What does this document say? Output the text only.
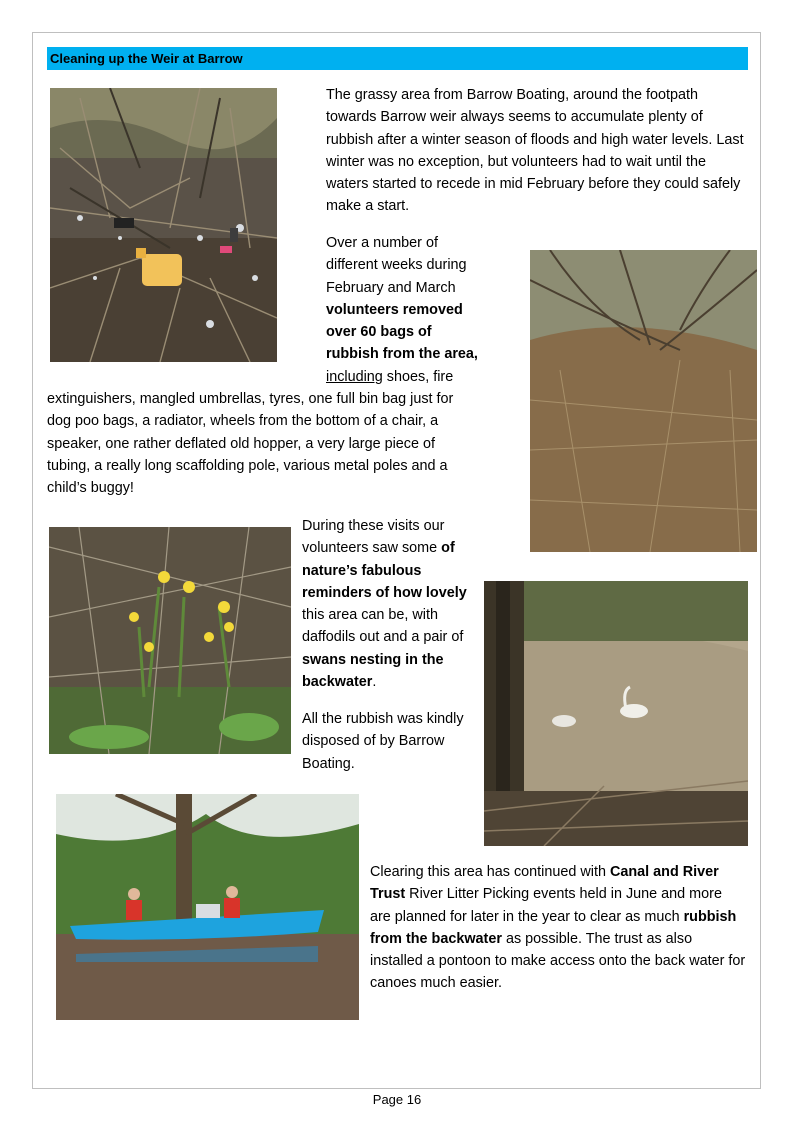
Cleaning up the Weir at Barrow

The grassy area from Barrow Boating, around the footpath towards Barrow weir always seems to accumulate plenty of rubbish after a winter season of floods and high water levels. Last winter was no exception, but volunteers had to wait until the waters started to recede in mid February before they could safely make a start.

Over a number of
different weeks during
February and March
volunteers removed
over 60 bags of
rubbish from the area,
including shoes, fire
extinguishers, mangled umbrellas, tyres, one full bin bag just for
dog poo bags, a radiator, wheels from the bottom of a chair, a
speaker, one rather deflated old hopper, a very large piece of
tubing, a really long scaffolding pole, various metal poles and a
child’s buggy!

During these visits our volunteers saw some of nature’s fabulous reminders of how lovely this area can be, with daffodils out and a pair of swans nesting in the backwater.

All the rubbish was kindly disposed of by Barrow Boating.

Clearing this area has continued with Canal and River Trust River Litter Picking events held in June and more are planned for later in the year to clear as much rubbish from the backwater as possible. The trust as also installed a pontoon to make access onto the back water for canoes much easier.

Page 16
